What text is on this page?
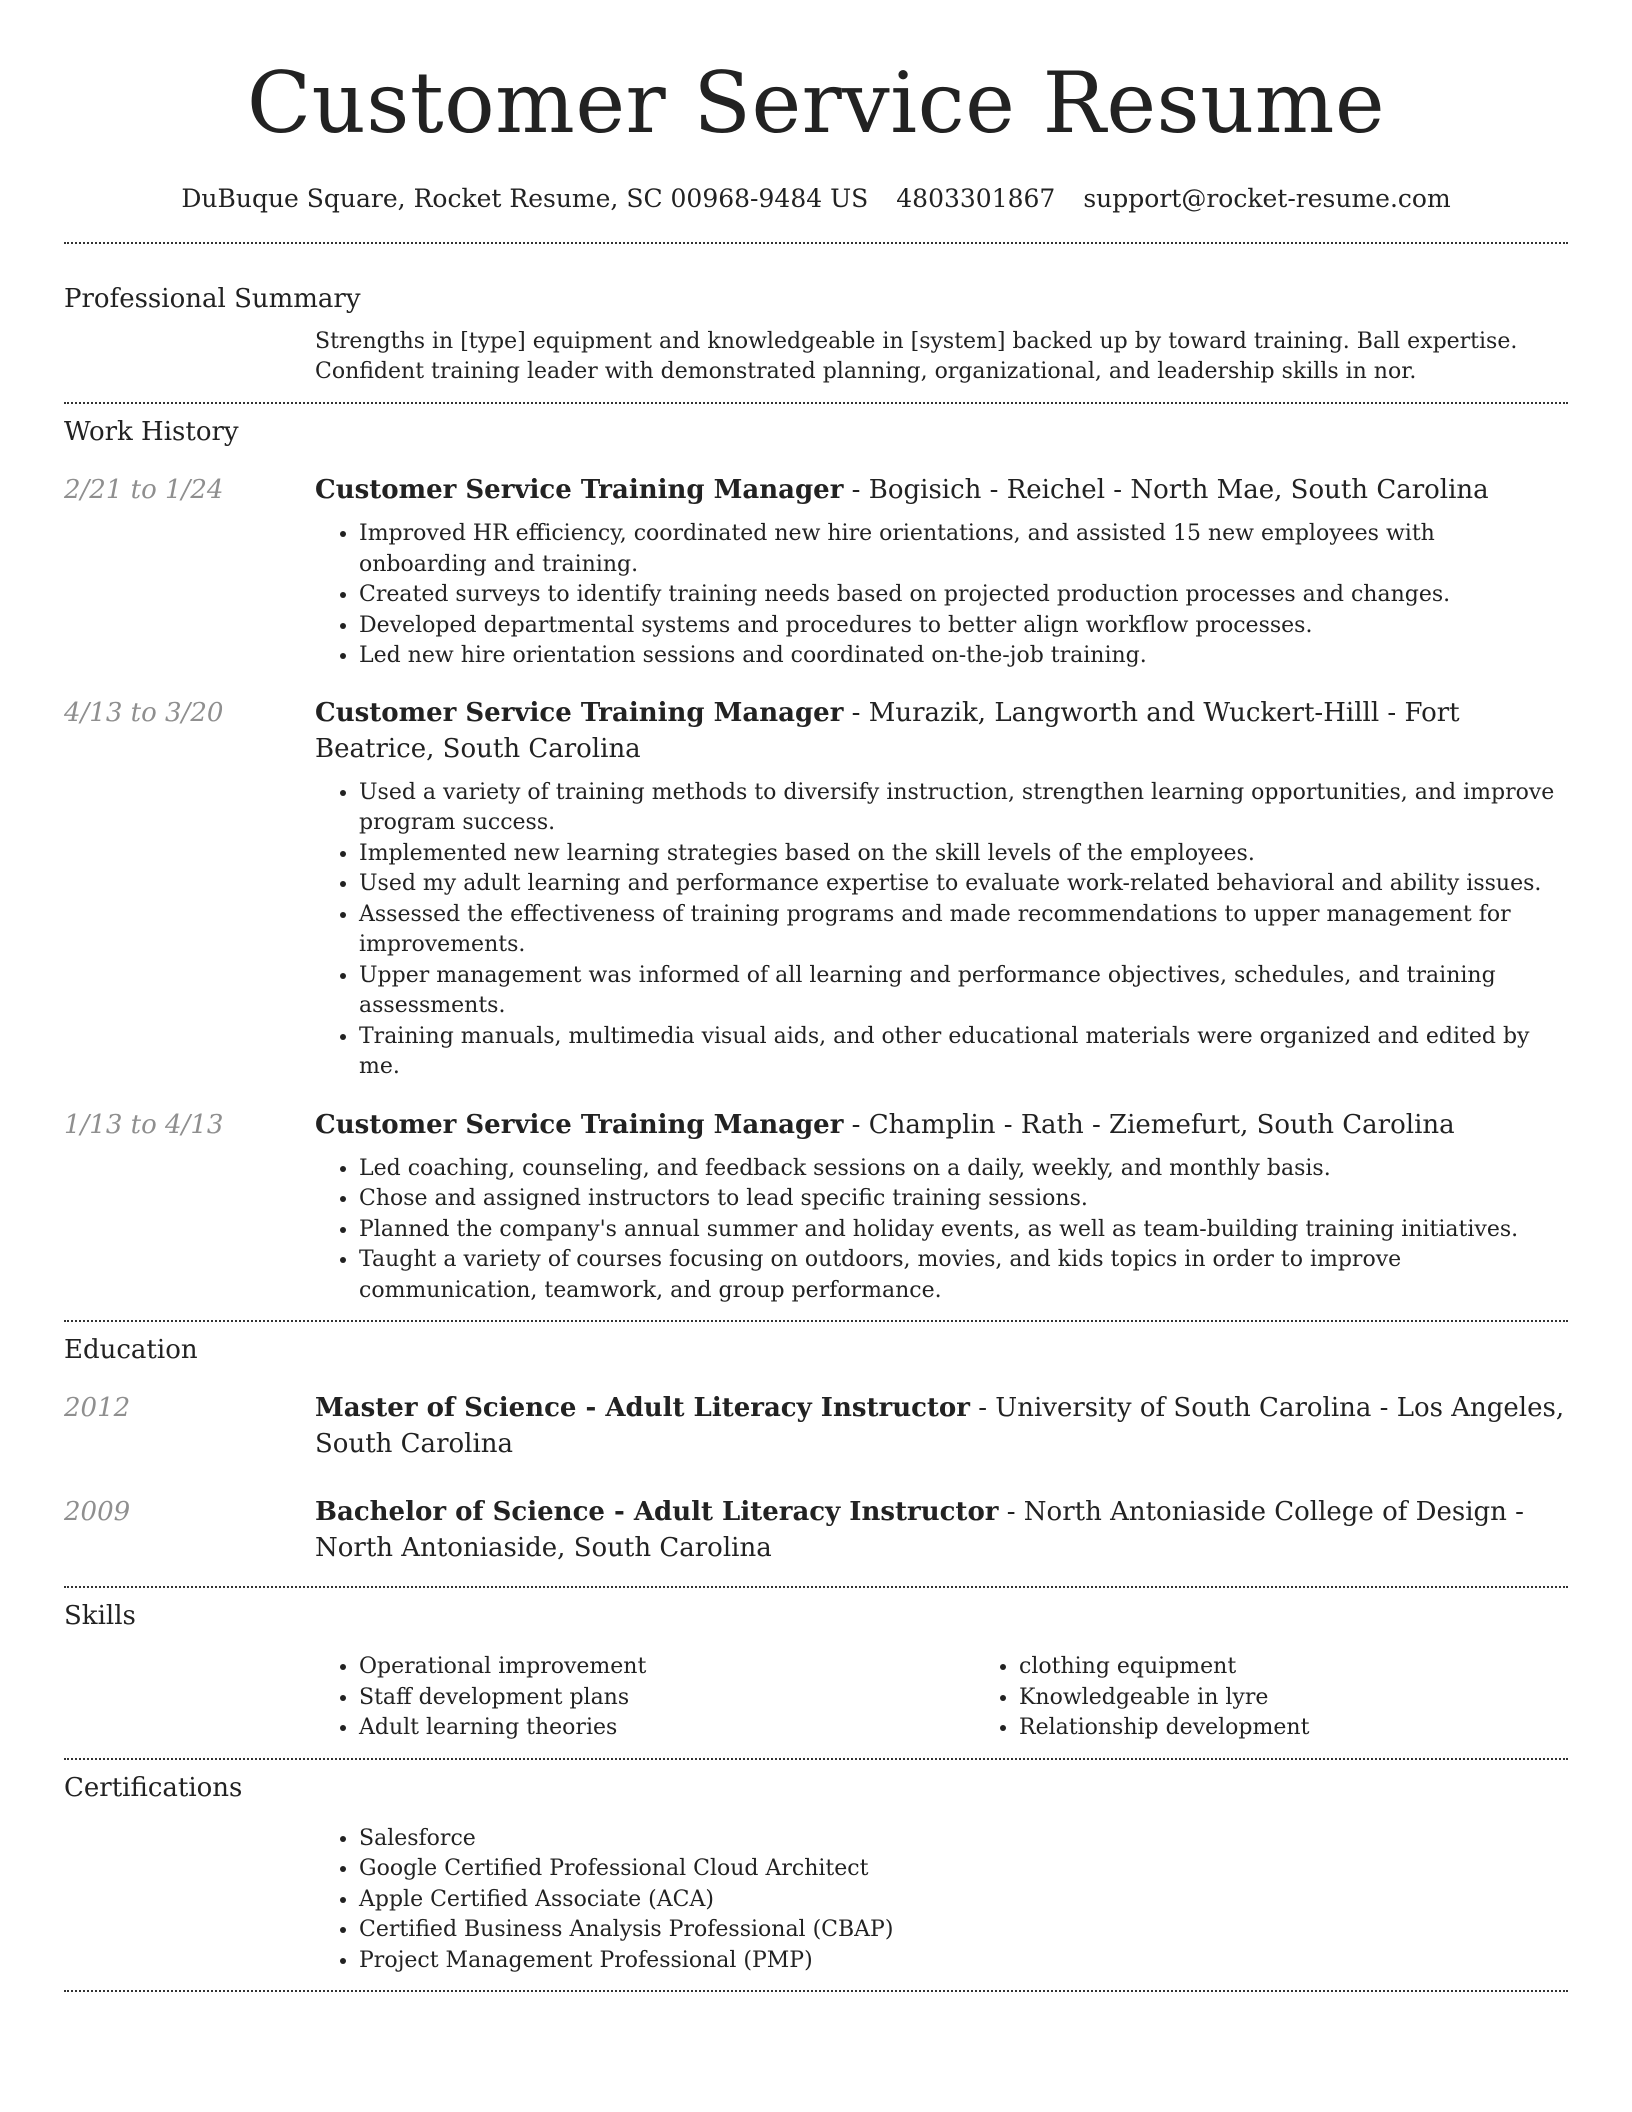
Customer Service Resume
DuBuque Square, Rocket Resume, SC 00968-9484 US 4803301867 support@rocket-resume.com
Professional Summary
Strengths in [type] equipment and knowledgeable in [system] backed up by toward training. Ball expertise. Confident training leader with demonstrated planning, organizational, and leadership skills in nor.
Work History
2/21 to 1/24	Customer Service Training Manager - Bogisich - Reichel - North Mae, South Carolina
• Improved HR efficiency, coordinated new hire orientations, and assisted 15 new employees with onboarding and training.
• Created surveys to identify training needs based on projected production processes and changes.
• Developed departmental systems and procedures to better align workflow processes.
• Led new hire orientation sessions and coordinated on-the-job training.
4/13 to 3/20	Customer Service Training Manager - Murazik, Langworth and Wuckert-Hilll - Fort Beatrice, South Carolina
• Used a variety of training methods to diversify instruction, strengthen learning opportunities, and improve program success.
• Implemented new learning strategies based on the skill levels of the employees.
• Used my adult learning and performance expertise to evaluate work-related behavioral and ability issues.
• Assessed the effectiveness of training programs and made recommendations to upper management for improvements.
• Upper management was informed of all learning and performance objectives, schedules, and training assessments.
• Training manuals, multimedia visual aids, and other educational materials were organized and edited by me.
1/13 to 4/13	Customer Service Training Manager - Champlin - Rath - Ziemefurt, South Carolina
• Led coaching, counseling, and feedback sessions on a daily, weekly, and monthly basis.
• Chose and assigned instructors to lead specific training sessions.
• Planned the company's annual summer and holiday events, as well as team-building training initiatives.
• Taught a variety of courses focusing on outdoors, movies, and kids topics in order to improve communication, teamwork, and group performance.
Education
2012	Master of Science - Adult Literacy Instructor - University of South Carolina - Los Angeles, South Carolina
2009	Bachelor of Science - Adult Literacy Instructor - North Antoniaside College of Design - North Antoniaside, South Carolina
Skills
• Operational improvement
• Staff development plans
• Adult learning theories
• clothing equipment
• Knowledgeable in lyre
• Relationship development
Certifications
• Salesforce
• Google Certified Professional Cloud Architect
• Apple Certified Associate (ACA)
• Certified Business Analysis Professional (CBAP)
• Project Management Professional (PMP)
